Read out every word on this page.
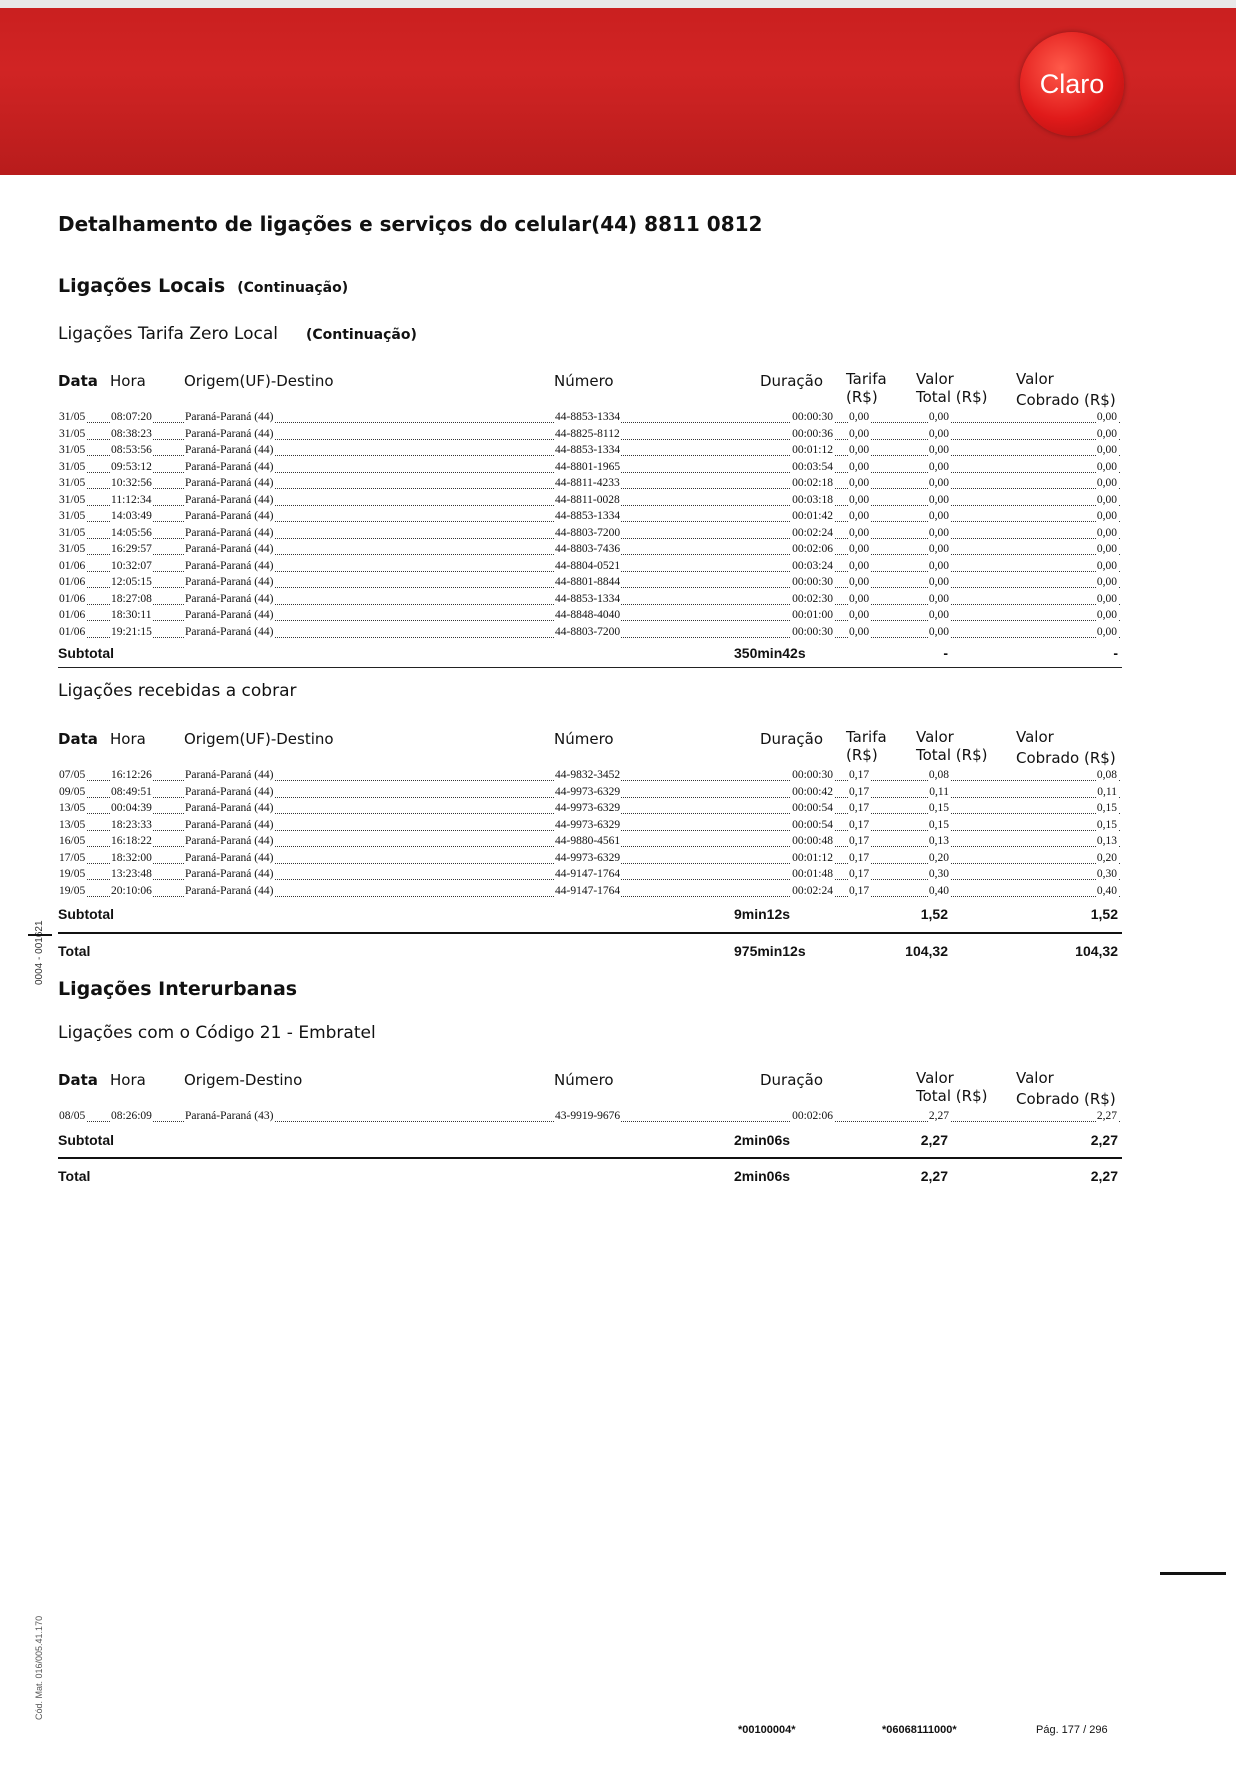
Claro
Detalhamento de ligações e serviços do celular(44) 8811 0812
Ligações Locais (Continuação)
Ligações Tarifa Zero Local (Continuação)
Data Hora	Origem(UF)-Destino	Número	Duração Tarifa
(R$)
Valor
Total (R$)
Valor
Cobrado (R$)
31/05 08:07:20	Paraná-Paraná (44)	44-8853-1334	00:00:30 0,00	0,00	0,00
31/05 08:38:23	Paraná-Paraná (44)	44-8825-8112	00:00:36 0,00	0,00	0,00
31/05 08:53:56	Paraná-Paraná (44)	44-8853-1334	00:01:12 0,00	0,00	0,00
31/05 09:53:12	Paraná-Paraná (44)	44-8801-1965	00:03:54 0,00	0,00	0,00
31/05 10:32:56	Paraná-Paraná (44)	44-8811-4233	00:02:18 0,00	0,00	0,00
31/05 11:12:34	Paraná-Paraná (44)	44-8811-0028	00:03:18 0,00	0,00	0,00
31/05 14:03:49	Paraná-Paraná (44)	44-8853-1334	00:01:42 0,00	0,00	0,00
31/05 14:05:56	Paraná-Paraná (44)	44-8803-7200	00:02:24 0,00	0,00	0,00
31/05 16:29:57	Paraná-Paraná (44)	44-8803-7436	00:02:06 0,00	0,00	0,00
01/06 10:32:07	Paraná-Paraná (44)	44-8804-0521	00:03:24 0,00	0,00	0,00
01/06 12:05:15	Paraná-Paraná (44)	44-8801-8844	00:00:30 0,00	0,00	0,00
01/06 18:27:08	Paraná-Paraná (44)	44-8853-1334	00:02:30 0,00	0,00	0,00
01/06 18:30:11	Paraná-Paraná (44)	44-8848-4040	00:01:00 0,00	0,00	0,00
01/06 19:21:15	Paraná-Paraná (44)	44-8803-7200	00:00:30 0,00	0,00	0,00
Subtotal	350min42s	-	-
Ligações recebidas a cobrar
Data Hora	Origem(UF)-Destino	Número	Duração Tarifa
(R$)
Valor
Total (R$)
Valor
Cobrado (R$)
07/05 16:12:26	Paraná-Paraná (44)	44-9832-3452	00:00:30 0,17	0,08	0,08
09/05 08:49:51	Paraná-Paraná (44)	44-9973-6329	00:00:42 0,17	0,11	0,11
13/05 00:04:39	Paraná-Paraná (44)	44-9973-6329	00:00:54 0,17	0,15	0,15
13/05 18:23:33	Paraná-Paraná (44)	44-9973-6329	00:00:54 0,17	0,15	0,15
16/05 16:18:22	Paraná-Paraná (44)	44-9880-4561	00:00:48 0,17	0,13	0,13
17/05 18:32:00	Paraná-Paraná (44)	44-9973-6329	00:01:12 0,17	0,20	0,20
19/05 13:23:48	Paraná-Paraná (44)	44-9147-1764	00:01:48 0,17	0,30	0,30
19/05 20:10:06	Paraná-Paraná (44)	44-9147-1764	00:02:24 0,17	0,40	0,40
Subtotal	9min12s	1,52	1,52
Total	975min12s	104,32	104,32
Ligações Interurbanas
Ligações com o Código 21 - Embratel
Data Hora	Origem-Destino	Número	Duração	Valor
Total (R$)
Valor
Cobrado (R$)
08/05 08:26:09	Paraná-Paraná (43)	43-9919-9676	00:02:06	2,27	2,27
Subtotal	2min06s	2,27	2,27
Total	2min06s	2,27	2,27
0004 - 001621
Cód. Mat. 016/005.41.170
*00100004*	*06068111000*	Pág. 177 / 296
